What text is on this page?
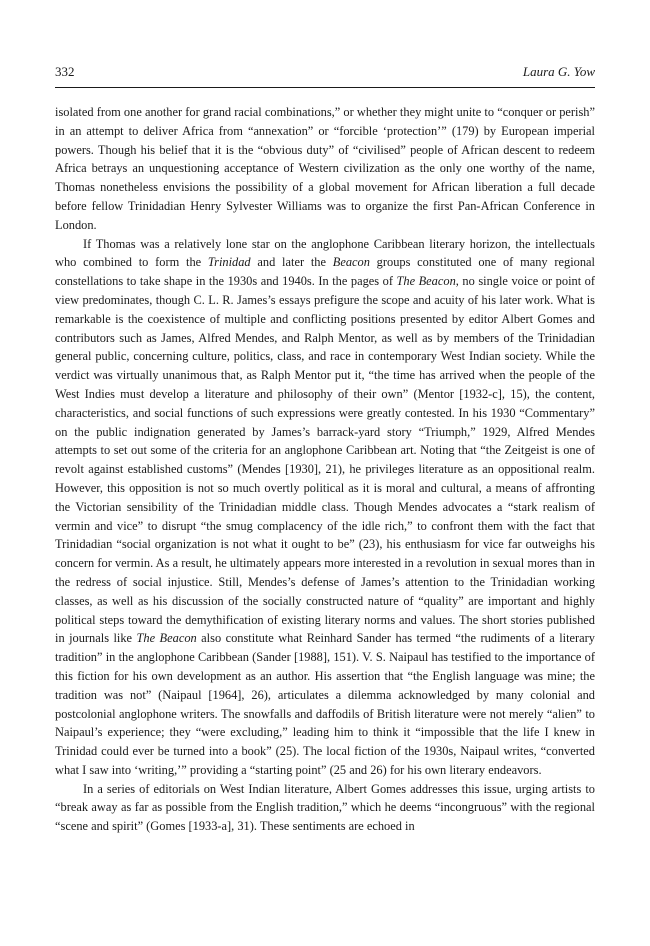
332	Laura G. Yow

isolated from one another for grand racial combinations,” or whether they might unite to “conquer or perish” in an attempt to deliver Africa from “annexation” or “forcible ‘protection’” (179) by European imperial powers. Though his belief that it is the “obvious duty” of “civilised” people of African descent to redeem Africa betrays an unquestioning acceptance of Western civilization as the only one worthy of the name, Thomas nonetheless envisions the possibility of a global movement for African liberation a full decade before fellow Trinidadian Henry Sylvester Williams was to organize the first Pan-African Conference in London.

If Thomas was a relatively lone star on the anglophone Caribbean literary horizon, the intellectuals who combined to form the Trinidad and later the Beacon groups constituted one of many regional constellations to take shape in the 1930s and 1940s. In the pages of The Beacon, no single voice or point of view predominates, though C. L. R. James’s essays prefigure the scope and acuity of his later work. What is remarkable is the coexistence of multiple and conflicting positions presented by editor Albert Gomes and contributors such as James, Alfred Mendes, and Ralph Mentor, as well as by members of the Trinidadian general public, concerning culture, politics, class, and race in contemporary West Indian society. While the verdict was virtually unanimous that, as Ralph Mentor put it, “the time has arrived when the people of the West Indies must develop a literature and philosophy of their own” (Mentor [1932-c], 15), the content, characteristics, and social functions of such expressions were greatly contested. In his 1930 “Commentary” on the public indignation generated by James’s barrack-yard story “Triumph,” 1929, Alfred Mendes attempts to set out some of the criteria for an anglophone Caribbean art. Noting that “the Zeitgeist is one of revolt against established customs” (Mendes [1930], 21), he privileges literature as an oppositional realm. However, this opposition is not so much overtly political as it is moral and cultural, a means of affronting the Victorian sensibility of the Trinidadian middle class. Though Mendes advocates a “stark realism of vermin and vice” to disrupt “the smug complacency of the idle rich,” to confront them with the fact that Trinidadian “social organization is not what it ought to be” (23), his enthusiasm for vice far outweighs his concern for vermin. As a result, he ultimately appears more interested in a revolution in sexual mores than in the redress of social injustice. Still, Mendes’s defense of James’s attention to the Trinidadian working classes, as well as his discussion of the socially constructed nature of “quality” are important and highly political steps toward the demythification of existing literary norms and values. The short stories published in journals like The Beacon also constitute what Reinhard Sander has termed “the rudiments of a literary tradition” in the anglophone Caribbean (Sander [1988], 151). V. S. Naipaul has testified to the importance of this fiction for his own development as an author. His assertion that “the English language was mine; the tradition was not” (Naipaul [1964], 26), articulates a dilemma acknowledged by many colonial and postcolonial anglophone writers. The snowfalls and daffodils of British literature were not merely “alien” to Naipaul’s experience; they “were excluding,” leading him to think it “impossible that the life I knew in Trinidad could ever be turned into a book” (25). The local fiction of the 1930s, Naipaul writes, “converted what I saw into ‘writing,’” providing a “starting point” (25 and 26) for his own literary endeavors.

In a series of editorials on West Indian literature, Albert Gomes addresses this issue, urging artists to “break away as far as possible from the English tradition,” which he deems “incongruous” with the regional “scene and spirit” (Gomes [1933-a], 31). These sentiments are echoed in
